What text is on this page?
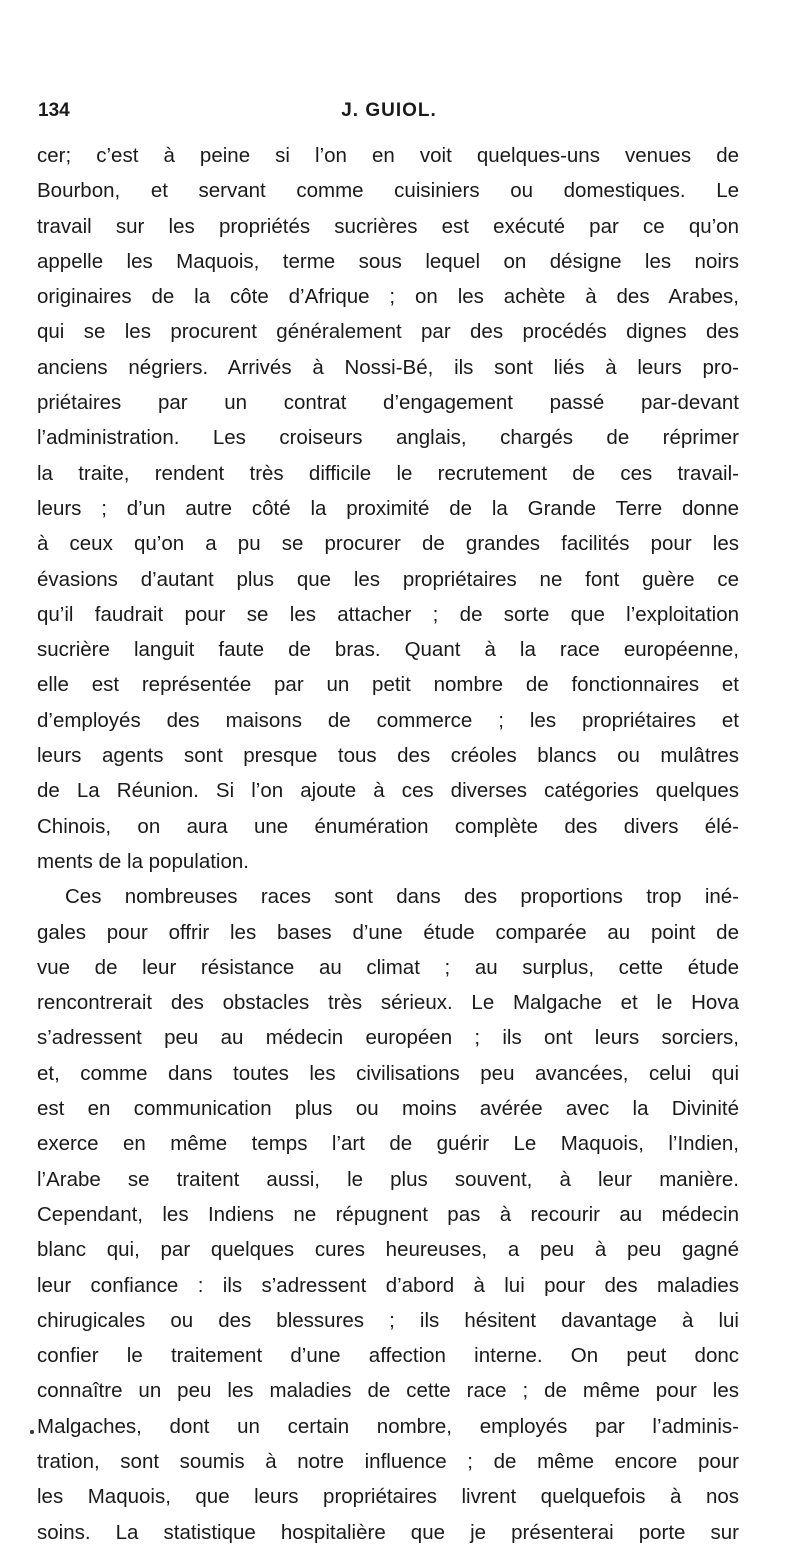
134	J. GUIOL.
cer; c’est à peine si l’on en voit quelques-uns venues de
Bourbon, et servant comme cuisiniers ou domestiques. Le
travail sur les propriétés sucrières est exécuté par ce qu’on
appelle les Maquois, terme sous lequel on désigne les noirs
originaires de la côte d’Afrique ; on les achète à des Arabes,
qui se les procurent généralement par des procédés dignes des
anciens négriers. Arrivés à Nossi-Bé, ils sont liés à leurs pro-
priétaires par un contrat d’engagement passé par-devant
l’administration. Les croiseurs anglais, chargés de réprimer
la traite, rendent très difficile le recrutement de ces travail-
leurs ; d’un autre côté la proximité de la Grande Terre donne
à ceux qu’on a pu se procurer de grandes facilités pour les
évasions d’autant plus que les propriétaires ne font guère ce
qu’il faudrait pour se les attacher ; de sorte que l’exploitation
sucrière languit faute de bras. Quant à la race européenne,
elle est représentée par un petit nombre de fonctionnaires et
d’employés des maisons de commerce ; les propriétaires et
leurs agents sont presque tous des créoles blancs ou mulâtres
de La Réunion. Si l’on ajoute à ces diverses catégories quelques
Chinois, on aura une énumération complète des divers élé-
ments de la population.
Ces nombreuses races sont dans des proportions trop iné-
gales pour offrir les bases d’une étude comparée au point de
vue de leur résistance au climat ; au surplus, cette étude
rencontrerait des obstacles très sérieux. Le Malgache et le Hova
s’adressent peu au médecin européen ; ils ont leurs sorciers,
et, comme dans toutes les civilisations peu avancées, celui qui
est en communication plus ou moins avérée avec la Divinité
exerce en même temps l’art de guérir Le Maquois, l’Indien,
l’Arabe se traitent aussi, le plus souvent, à leur manière.
Cependant, les Indiens ne répugnent pas à recourir au médecin
blanc qui, par quelques cures heureuses, a peu à peu gagné
leur confiance : ils s’adressent d’abord à lui pour des maladies
chirugicales ou des blessures ; ils hésitent davantage à lui
confier le traitement d’une affection interne. On peut donc
connaître un peu les maladies de cette race ; de même pour les
Malgaches, dont un certain nombre, employés par l’adminis-
tration, sont soumis à notre influence ; de même encore pour
les Maquois, que leurs propriétaires livrent quelquefois à nos
soins. La statistique hospitalière que je présenterai porte sur
